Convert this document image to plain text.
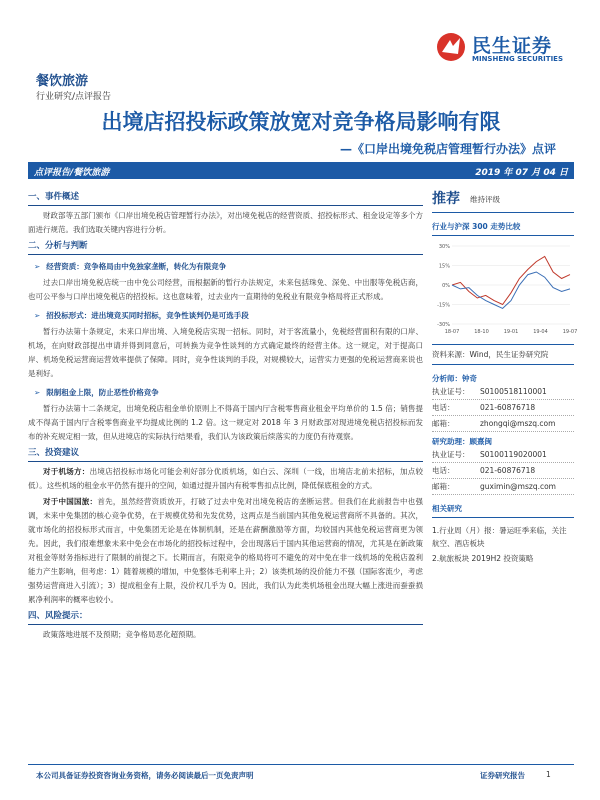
民生证券
MINSHENG SECURITIES
餐饮旅游
行业研究/点评报告
出境店招投标政策放宽对竞争格局影响有限
—《口岸出境免税店管理暂行办法》点评
点评报告/餐饮旅游	2019 年 07 月 04 日
一、事件概述

财政部等五部门颁布《口岸出境免税店管理暂行办法》，对出境免税店的经营资质、招投标形式、租金设定等多个方面进行规范。我们选取关键内容进行分析。

二、分析与判断
➢ 经营资质：竞争格局由中免独家垄断，转化为有限竞争

过去口岸出境免税店统一由中免公司经营，而根据新的暂行办法规定，未来包括珠免、深免、中出服等免税店商，也可公平参与口岸出境免税店的招投标。这也意味着，过去业内一直期待的免税业有限竞争格局将正式形成。

➢ 招投标形式：进出境竞买同时招标，竞争性谈判仍是可选手段

暂行办法第十条规定，未来口岸出境、入境免税店实现一招标。同时，对于客流量小，免税经营面积有限的口岸、机场，在向财政部提出申请并得到同意后，可转换为竞争性谈判的方式确定最终的经营主体。这一规定，对于提高口岸、机场免税运营商运营效率提供了保障。同时，竞争性谈判的手段，对规模较大，运营实力更强的免税运营商来说也是利好。

➢ 限制租金上限，防止恶性价格竞争

暂行办法第十二条规定，出境免税店租金单价原则上不得高于国内厅含税零售商业租金平均单价的 1.5 倍；销售提成不得高于国内厅含税零售商业平均提成比例的 1.2 倍。这一规定对 2018 年 3 月财政部对现进境免税店招投标而发布的补充规定相一致，但从进境店的实际执行结果看，我们认为该政策后续落实的力度仍有待观察。

三、投资建议

对于机场方：出境店招投标市场化可能会利好部分优质机场，如白云、深圳（一线，出境店北前未招标，加点较低）。这些机场的租金水平仍然有提升的空间，如通过提升国内有税零售扣点比例，降低保底租金的方式。

对于中国国旅：首先，虽然经营资质放开，打破了过去中免对出境免税店的垄断运营。但我们在此前报告中也强调，未来中免集团的核心竞争优势，在于规模优势和先发优势，这两点是当前国内其他免税运营商所不具备的。其次，就市场化的招投标形式而言，中免集团无论是在体制机制，还是在薪酬激励等方面，均较国内其他免税运营商更为领先。因此，我们很难想象未来中免会在市场化的招投标过程中，会出现落后于国内其他运营商的情况，尤其是在新政策对租金等财务指标进行了限制的前提之下。长期而言，有限竞争的格局将可不避免的对中免在非一线机场的免税店盈利能力产生影响，但考虑：1）随着规模的增加，中免整体毛利率上升；2）该类机场的没价能力不强（国际客流少，考虑强势运营商进入引流）；3）提成租金有上限，没价权几乎为 0。因此，我们认为此类机场租金出现大幅上涨进而蚕蚕损累净利润率的概率也较小。

四、风险提示：

政策落地进展不及预期；竞争格局恶化超预期。

推荐 维持评级
行业与沪深 300 走势比较
-30%
-15%
0%
15%
30%
18-07	18-10	19-01	19-04	19-07
资料来源：Wind，民生证券研究院
分析师：钟奇
执业证号： S0100518110001
电话：	021-60876718
邮箱：	zhongqi@mszq.com
研究助理：顾熹闽
执业证号： S0100119020001
电话：	021-60876718
邮箱：	guximin@mszq.com
相关研究
1.行业周（月）报：暑运旺季来临，关注航空、酒店板块
2.航旅板块 2019H2 投资策略
本公司具备证券投资咨询业务资格，请务必阅读最后一页免责声明	证券研究报告	1
